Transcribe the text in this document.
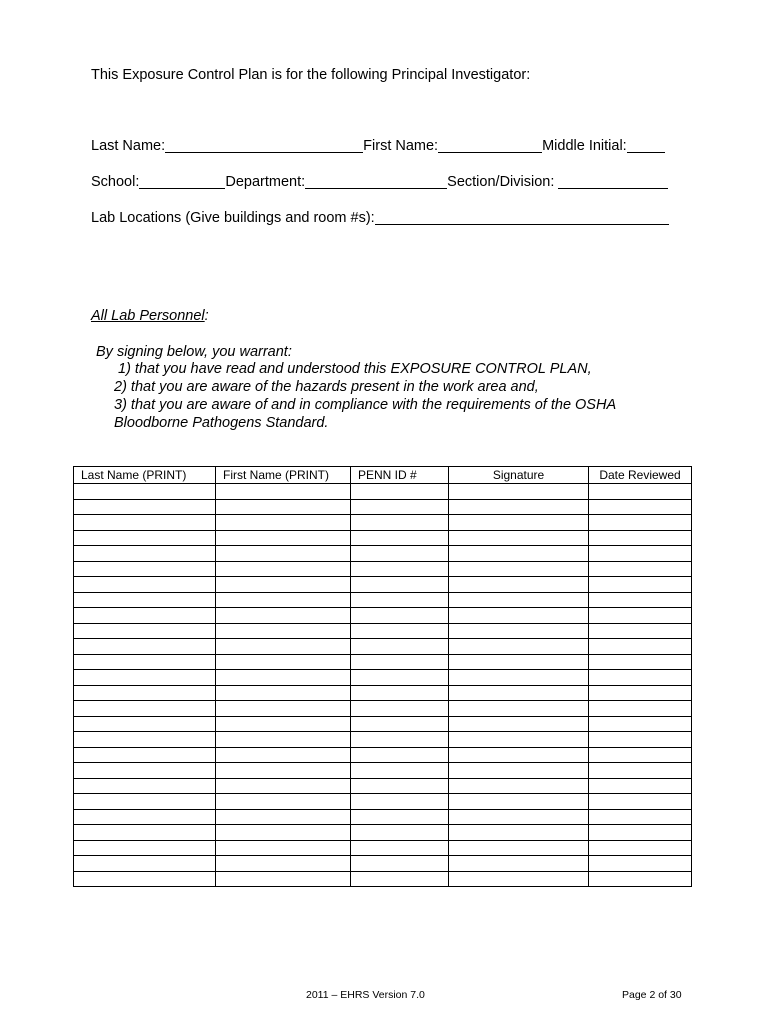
This Exposure Control Plan is for the following Principal Investigator:
Last Name:	First Name:	Middle Initial:
School:	Department:	Section/Division:
Lab Locations (Give buildings and room #s):
All Lab Personnel:
By signing below, you warrant:
1) that you have read and understood this EXPOSURE CONTROL PLAN,
2) that you are aware of the hazards present in the work area and,
3) that you are aware of and in compliance with the requirements of the OSHA
Bloodborne Pathogens Standard.
Last Name (PRINT)	First Name (PRINT)	PENN ID #	Signature	Date Reviewed

2011 – EHRS Version 7.0	Page 2 of 30
